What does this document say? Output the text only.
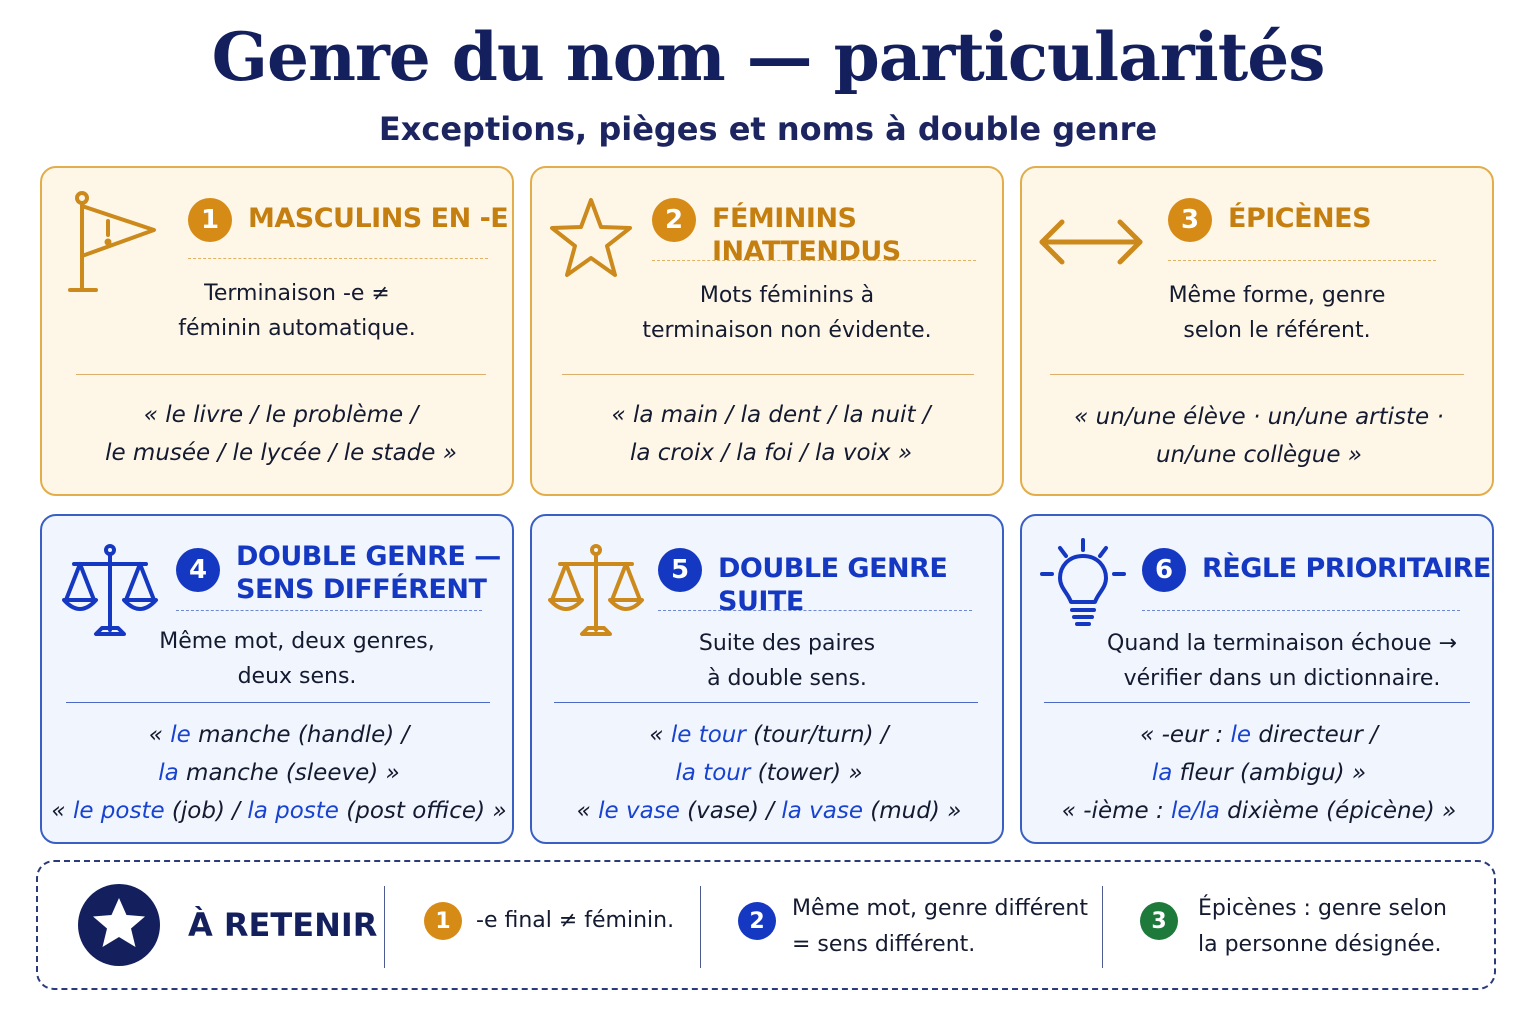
Genre du nom — particularités
Exceptions, pièges et noms à double genre
1	MASCULINS EN -E
Terminaison -e ≠
féminin automatique.
« le livre / le problème /
le musée / le lycée / le stade »
2	FÉMININS INATTENDUS
Mots féminins à
terminaison non évidente.
« la main / la dent / la nuit /
la croix / la foi / la voix »
3	ÉPICÈNES
Même forme, genre
selon le référent.
« un/une élève · un/une artiste ·
un/une collègue »
4	DOUBLE GENRE —
SENS DIFFÉRENT
Même mot, deux genres,
deux sens.
« le manche (handle) /
la manche (sleeve) »
« le poste (job) / la poste (post office) »
5	DOUBLE GENRE SUITE
Suite des paires
à double sens.
« le tour (tour/turn) /
la tour (tower) »
« le vase (vase) / la vase (mud) »
6	RÈGLE PRIORITAIRE
Quand la terminaison échoue →
vérifier dans un dictionnaire.
« -eur : le directeur /
la fleur (ambigu) »
« -ième : le/la dixième (épicène) »
À RETENIR	1	-e final ≠ féminin.	2	Même mot, genre différent
= sens différent.
3	Épicènes : genre selon
la personne désignée.
